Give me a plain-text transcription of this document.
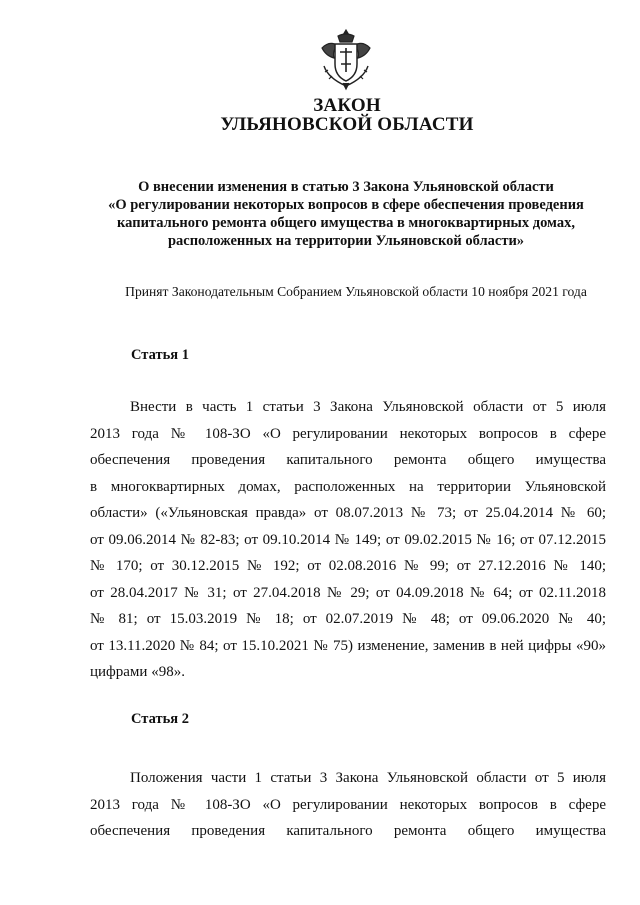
ЗАКОН
УЛЬЯНОВСКОЙ ОБЛАСТИ
О внесении изменения в статью 3 Закона Ульяновской области
«О регулировании некоторых вопросов в сфере обеспечения проведения
капитального ремонта общего имущества в многоквартирных домах,
расположенных на территории Ульяновской области»
Принят Законодательным Собранием Ульяновской области 10 ноября 2021 года
Статья 1
Внести в часть 1 статьи 3 Закона Ульяновской области от 5 июля
2013 года № 108-ЗО «О регулировании некоторых вопросов в сфере
обеспечения проведения капитального ремонта общего имущества
в многоквартирных домах, расположенных на территории Ульяновской
области» («Ульяновская правда» от 08.07.2013 № 73; от 25.04.2014 № 60;
от 09.06.2014 № 82-83; от 09.10.2014 № 149; от 09.02.2015 № 16; от 07.12.2015
№ 170; от 30.12.2015 № 192; от 02.08.2016 № 99; от 27.12.2016 № 140;
от 28.04.2017 № 31; от 27.04.2018 № 29; от 04.09.2018 № 64; от 02.11.2018
№ 81; от 15.03.2019 № 18; от 02.07.2019 № 48; от 09.06.2020 № 40;
от 13.11.2020 № 84; от 15.10.2021 № 75) изменение, заменив в ней цифры «90»
цифрами «98».
Статья 2
Положения части 1 статьи 3 Закона Ульяновской области от 5 июля
2013 года № 108-ЗО «О регулировании некоторых вопросов в сфере
обеспечения проведения капитального ремонта общего имущества
